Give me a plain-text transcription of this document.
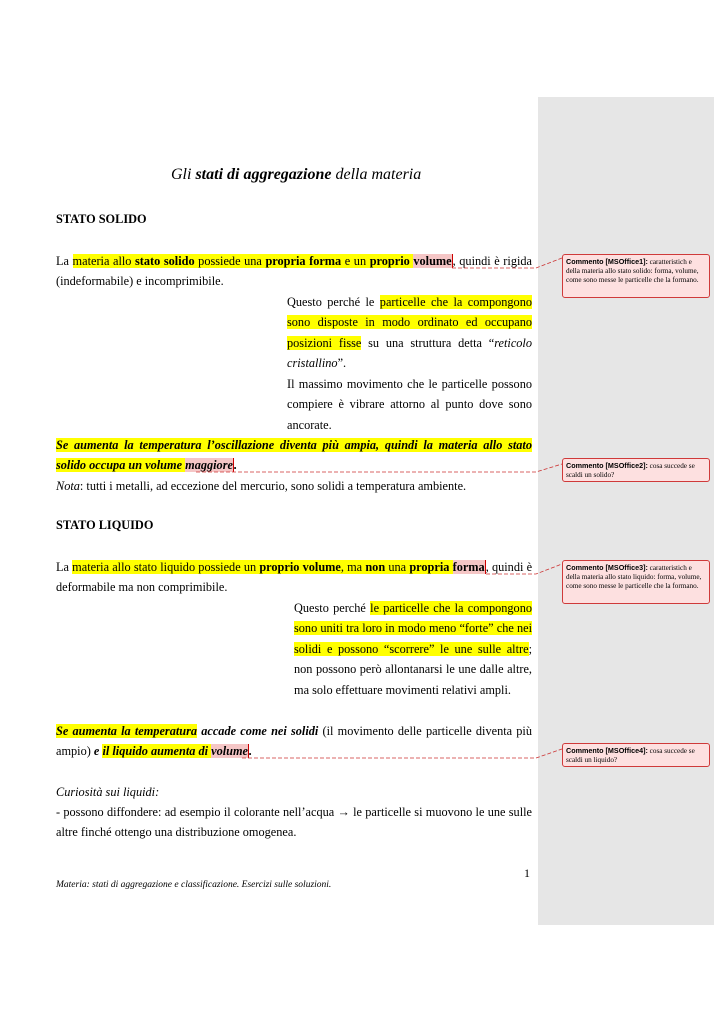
Gli stati di aggregazione della materia
STATO SOLIDO
La materia allo stato solido possiede una propria forma e un proprio volume, quindi è rigida (indeformabile) e incomprimibile.
Questo perché le particelle che la compongono sono disposte in modo ordinato ed occupano posizioni fisse su una struttura detta “reticolo cristallino”.
Il massimo movimento che le particelle possono compiere è vibrare attorno al punto dove sono ancorate.
Se aumenta la temperatura l’oscillazione diventa più ampia, quindi la materia allo stato solido occupa un volume maggiore.
Nota: tutti i metalli, ad eccezione del mercurio, sono solidi a temperatura ambiente.
STATO LIQUIDO
La materia allo stato liquido possiede un proprio volume, ma non una propria forma, quindi è deformabile ma non comprimibile.
Questo perché le particelle che la compongono sono uniti tra loro in modo meno “forte” che nei solidi e possono “scorrere” le une sulle altre; non possono però allontanarsi le une dalle altre, ma solo effettuare movimenti relativi ampli.
Se aumenta la temperatura accade come nei solidi (il movimento delle particelle diventa più ampio) e il liquido aumenta di volume.
Curiosità sui liquidi:
- possono diffondere: ad esempio il colorante nell’acqua → le particelle si muovono le une sulle altre finché ottengo una distribuzione omogenea.
1
Materia: stati di aggregazione e classificazione. Esercizi sulle soluzioni.
Commento [MSOffice1]: caratteristich e della materia allo stato solido: forma, volume, come sono messe le particelle che la formano.
Commento [MSOffice2]: cosa succede se scaldi un solido?
Commento [MSOffice3]: caratteristich e della materia allo stato liquido: forma, volume, come sono messe le particelle che la formano.
Commento [MSOffice4]: cosa succede se scaldi un liquido?
